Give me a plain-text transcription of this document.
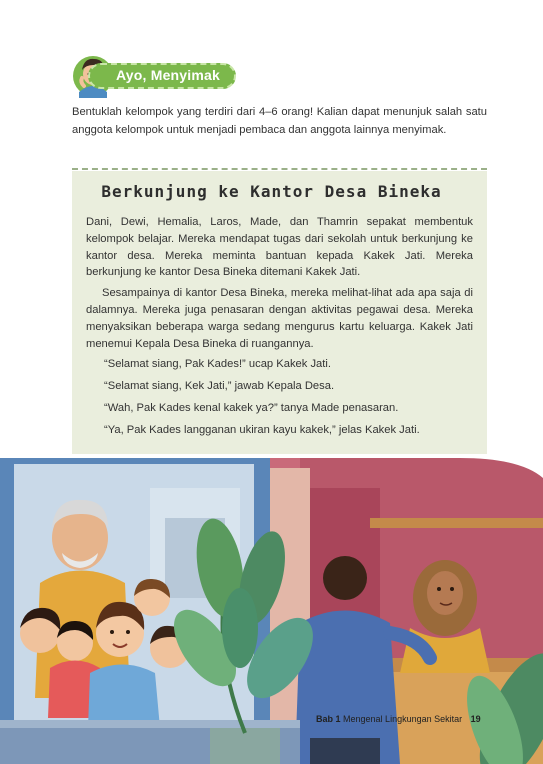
Ayo, Menyimak
Bentuklah kelompok yang terdiri dari 4–6 orang! Kalian dapat menunjuk salah satu anggota kelompok untuk menjadi pembaca dan anggota lainnya menyimak.
Berkunjung ke Kantor Desa Bineka

Dani, Dewi, Hemalia, Laros, Made, dan Thamrin sepakat membentuk kelompok belajar. Mereka mendapat tugas dari sekolah untuk berkunjung ke kantor desa. Mereka meminta bantuan kepada Kakek Jati. Mereka berkunjung ke kantor Desa Bineka ditemani Kakek Jati.

Sesampainya di kantor Desa Bineka, mereka melihat-lihat ada apa saja di dalamnya. Mereka juga penasaran dengan aktivitas pegawai desa. Mereka menyaksikan beberapa warga sedang mengurus kartu keluarga. Kakek Jati menemui Kepala Desa Bineka di ruangannya.

“Selamat siang, Pak Kades!” ucap Kakek Jati.

“Selamat siang, Kek Jati,” jawab Kepala Desa.

“Wah, Pak Kades kenal kakek ya?” tanya Made penasaran.

“Ya, Pak Kades langganan ukiran kayu kakek,” jelas Kakek Jati.

Bab 1 Mengenal Lingkungan Sekitar 19
